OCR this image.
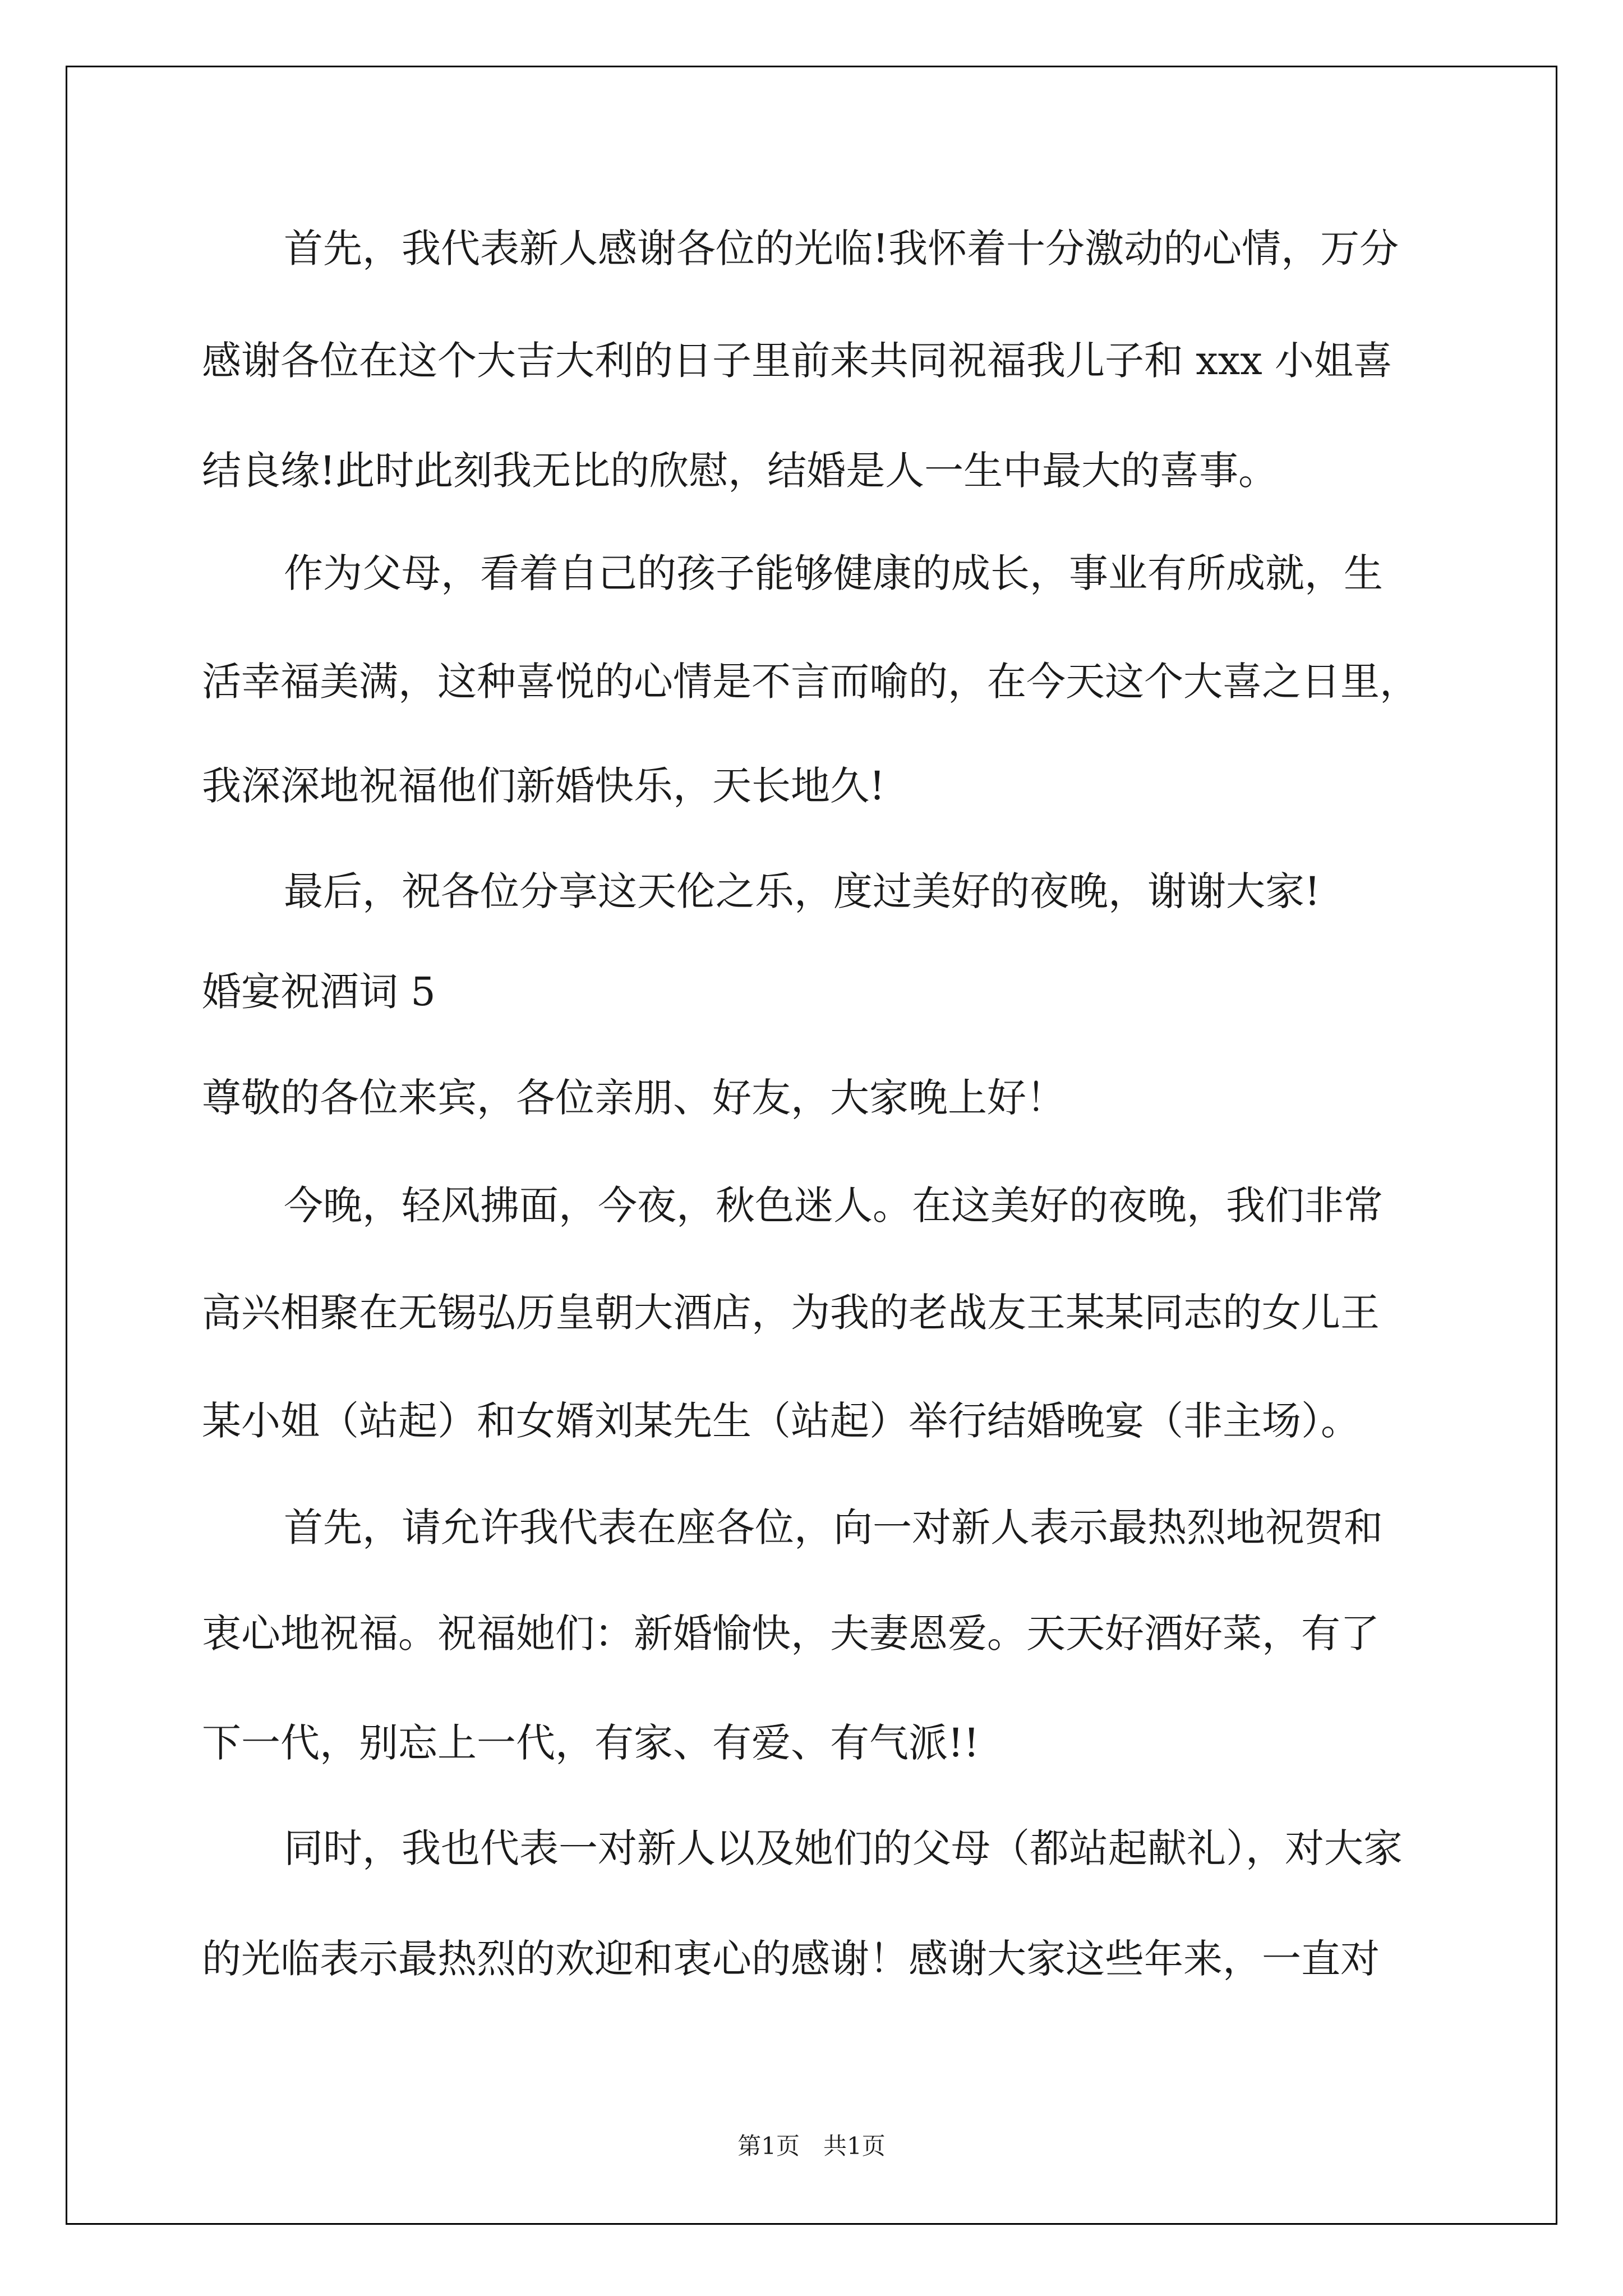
首先，我代表新人感谢各位的光临!我怀着十分激动的心情，万分
感谢各位在这个大吉大利的日子里前来共同祝福我儿子和 xxx 小姐喜
结良缘!此时此刻我无比的欣慰，结婚是人一生中最大的喜事。
作为父母，看着自己的孩子能够健康的成长，事业有所成就，生
活幸福美满，这种喜悦的心情是不言而喻的，在今天这个大喜之日里，
我深深地祝福他们新婚快乐，天长地久!
最后，祝各位分享这天伦之乐，度过美好的夜晚，谢谢大家!
婚宴祝酒词 5
尊敬的各位来宾，各位亲朋、好友，大家晚上好！
今晚，轻风拂面，今夜，秋色迷人。在这美好的夜晚，我们非常
高兴相聚在无锡弘历皇朝大酒店，为我的老战友王某某同志的女儿王
某小姐（站起）和女婿刘某先生（站起）举行结婚晚宴（非主场）。
首先，请允许我代表在座各位，向一对新人表示最热烈地祝贺和
衷心地祝福。祝福她们：新婚愉快，夫妻恩爱。天天好酒好菜，有了
下一代，别忘上一代，有家、有爱、有气派!!
同时，我也代表一对新人以及她们的父母（都站起献礼），对大家
的光临表示最热烈的欢迎和衷心的感谢！感谢大家这些年来，一直对
第1页　共1页
